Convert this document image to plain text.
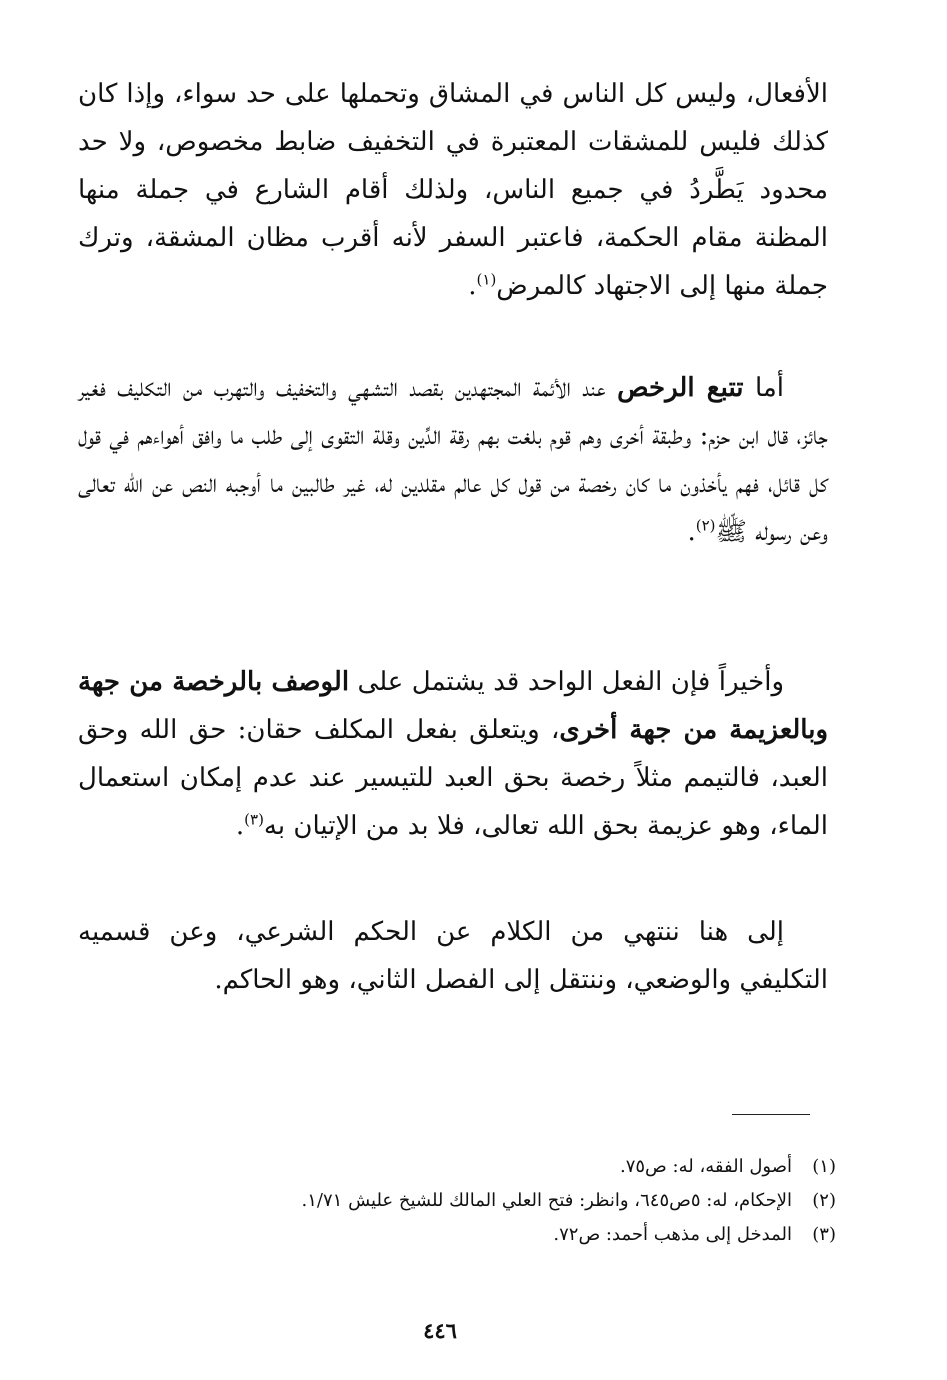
الأفعال، وليس كل الناس في المشاق وتحملها على حد سواء، وإذا كان كذلك فليس للمشقات المعتبرة في التخفيف ضابط مخصوص، ولا حد محدود يَطَّردُ في جميع الناس، ولذلك أقام الشارع في جملة منها المظنة مقام الحكمة، فاعتبر السفر لأنه أقرب مظان المشقة، وترك جملة منها إلى الاجتهاد كالمرض$^{(١)}$.

أما تتبع الرخص عند الأئمة المجتهدين بقصد التشهي والتخفيف والتهرب من التكليف فغير جائز، قال ابن حزم: وطبقة أخرى وهم قوم بلغت بهم رقة الدِّين وقلة التقوى إلى طلب ما وافق أهواءهم في قول كل قائل، فهم يأخذون ما كان رخصة من قول كل عالم مقلدين له، غير طالبين ما أوجبه النص عن الله تعالى وعن رسوله ﷺ$^{(٢)}$.

وأخيراً فإن الفعل الواحد قد يشتمل على الوصف بالرخصة من جهة وبالعزيمة من جهة أخرى، ويتعلق بفعل المكلف حقان: حق الله وحق العبد، فالتيمم مثلاً رخصة بحق العبد للتيسير عند عدم إمكان استعمال الماء، وهو عزيمة بحق الله تعالى، فلا بد من الإتيان به$^{(٣)}$.

إلى هنا ننتهي من الكلام عن الحكم الشرعي، وعن قسميه التكليفي والوضعي، وننتقل إلى الفصل الثاني، وهو الحاكم.

(١)أصول الفقه، له: ص٧٥.

(٢)الإحكام، له: ٥ص٦٤٥، وانظر: فتح العلي المالك للشيخ عليش ١/٧١.

(٣)المدخل إلى مذهب أحمد: ص٧٢.

٤٤٦
